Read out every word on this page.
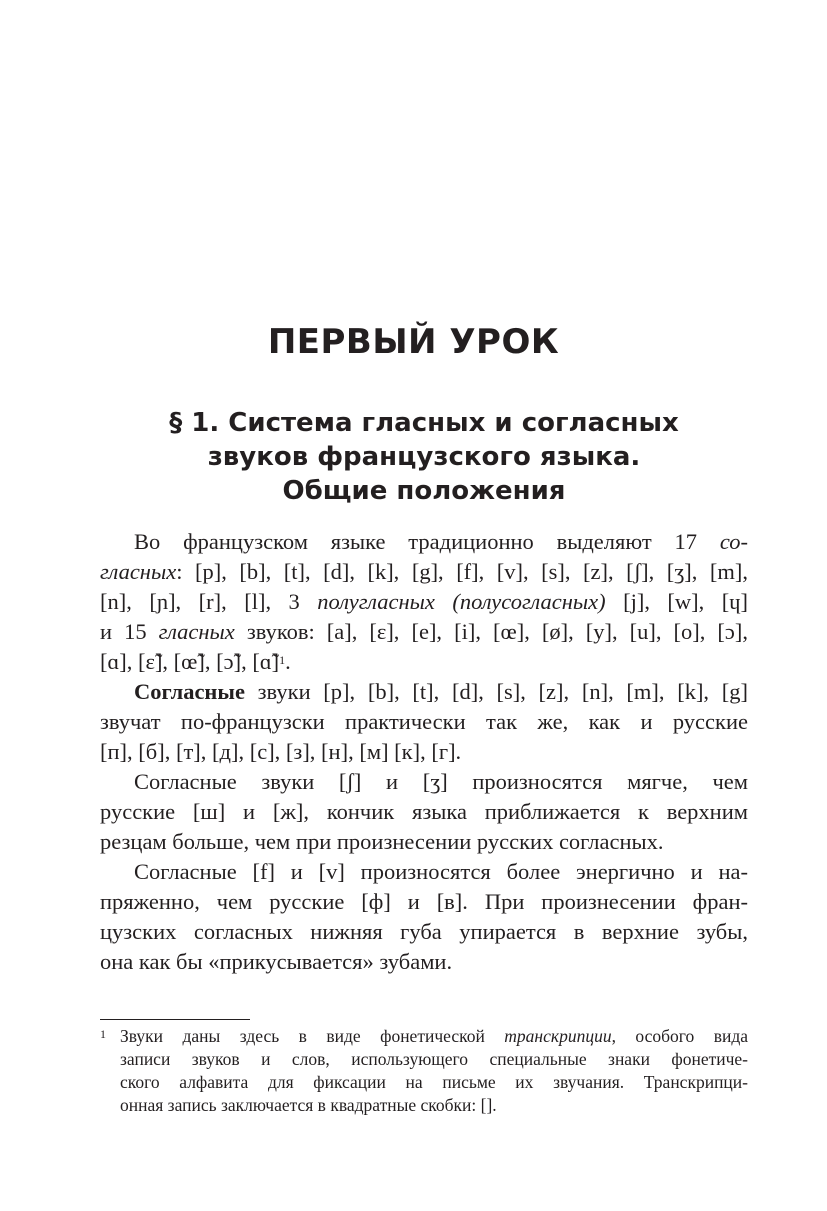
ПЕРВЫЙ УРОК
§ 1. Система гласных и согласных
звуков французского языка.
Общие положения
Во французском языке традиционно выделяют 17 со-
гласных: [p], [b], [t], [d], [k], [g], [f], [v], [s], [z], [ʃ], [ʒ], [m],
[n], [ɲ], [r], [l], 3 полугласных (полусогласных) [j], [w], [ɥ]
и 15 гласных звуков: [a], [ɛ], [e], [i], [œ], [ø], [y], [u], [o], [ɔ],
[ɑ], [ɛ̃], [œ̃], [ɔ̃], [ɑ̃]$^1$.
Согласные звуки [p], [b], [t], [d], [s], [z], [n], [m], [k], [g]
звучат по-французски практически так же, как и русские
[п], [б], [т], [д], [с], [з], [н], [м] [к], [г].
Согласные звуки [ʃ] и [ʒ] произносятся мягче, чем
русские [ш] и [ж], кончик языка приближается к верхним
резцам больше, чем при произнесении русских согласных.
Согласные [f] и [v] произносятся более энергично и на-
пряженно, чем русские [ф] и [в]. При произнесении фран-
цузских согласных нижняя губа упирается в верхние зубы,
она как бы «прикусывается» зубами.
1 Звуки даны здесь в виде фонетической транскрипции, особого вида
записи звуков и слов, использующего специальные знаки фонетиче-
ского алфавита для фиксации на письме их звучания. Транскрипци-
онная запись заключается в квадратные скобки: [].
